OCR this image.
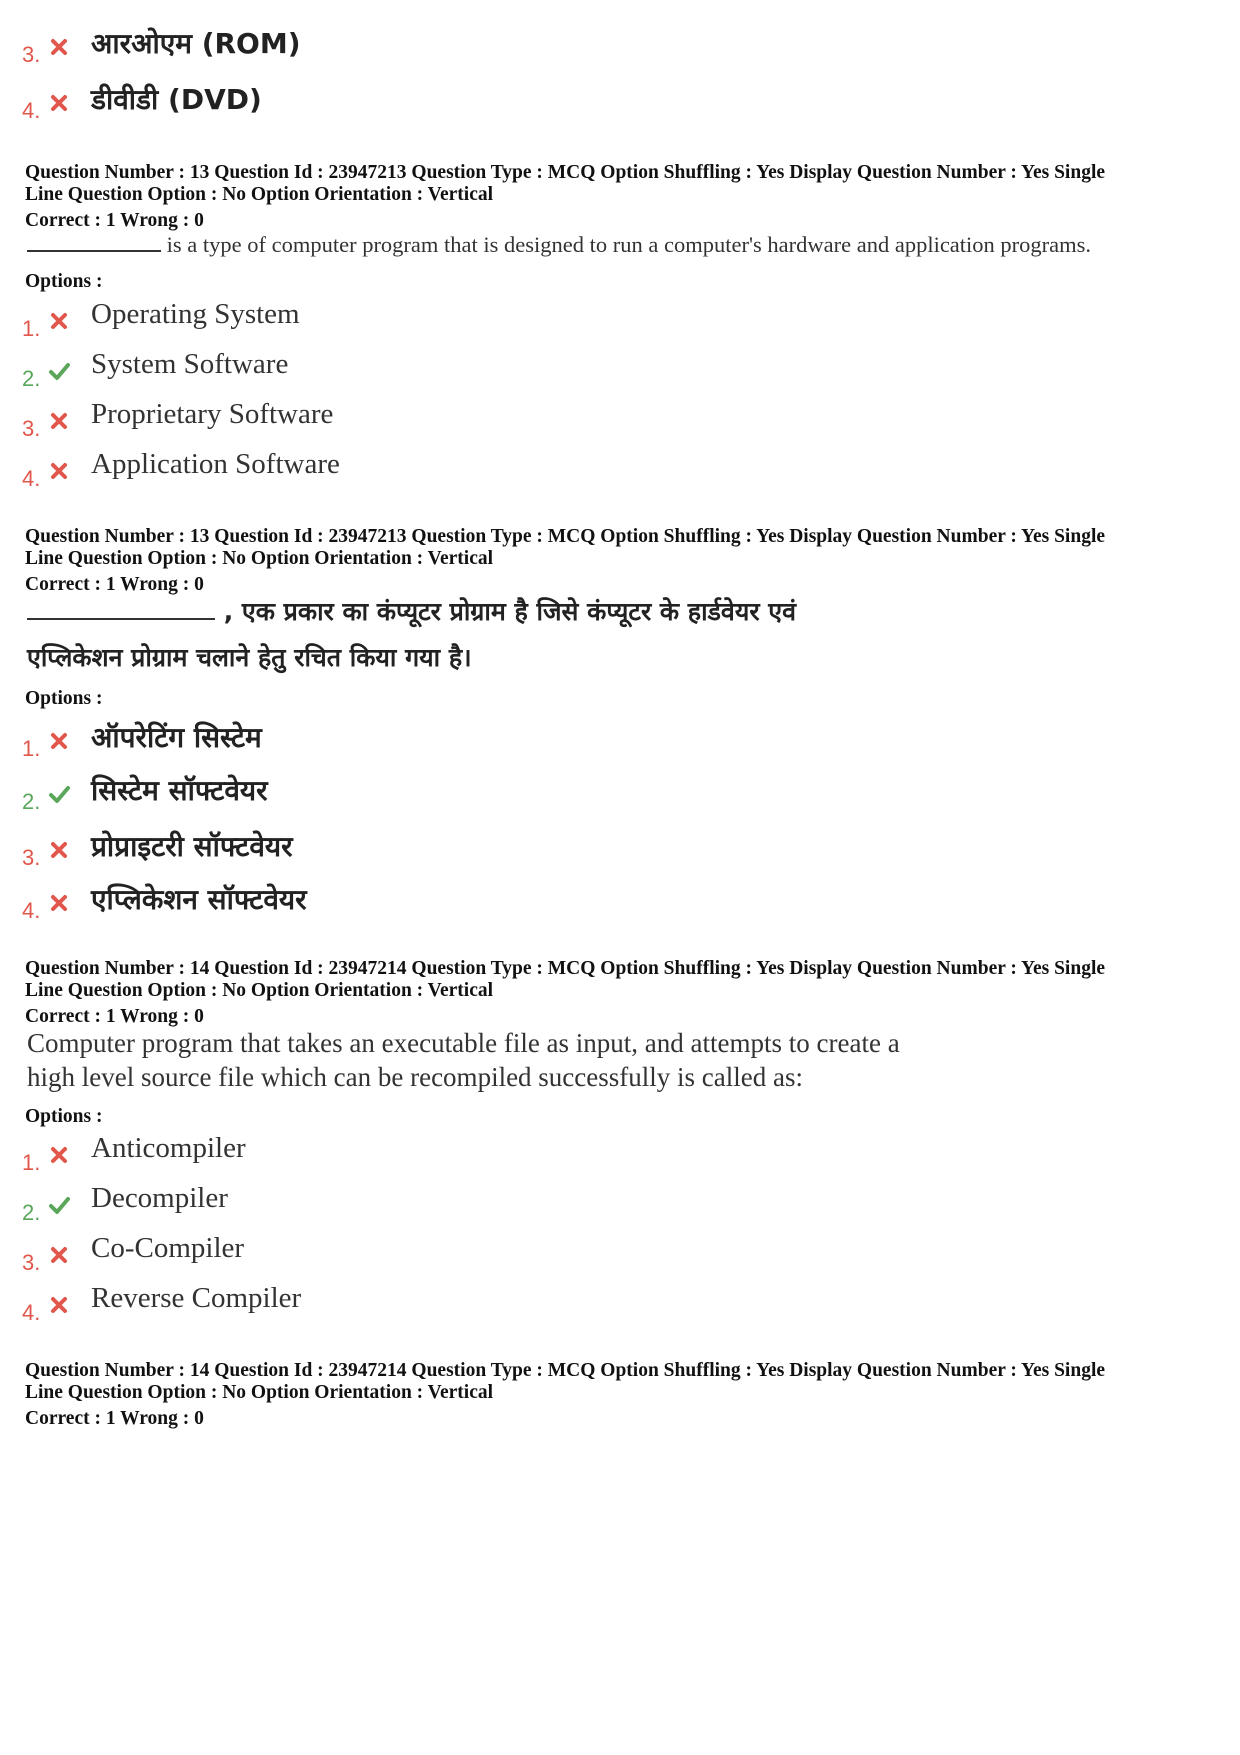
3. आरओएम (ROM)
4. डीवीडी (DVD)
Question Number : 13 Question Id : 23947213 Question Type : MCQ Option Shuffling : Yes Display Question Number : Yes Single
Line Question Option : No Option Orientation : Vertical
Correct : 1 Wrong : 0
is a type of computer program that is designed to run a computer's hardware and application programs.
Options :
1. Operating System
2. System Software
3. Proprietary Software
4. Application Software
Question Number : 13 Question Id : 23947213 Question Type : MCQ Option Shuffling : Yes Display Question Number : Yes Single
Line Question Option : No Option Orientation : Vertical
Correct : 1 Wrong : 0
, एक प्रकार का कंप्यूटर प्रोग्राम है जिसे कंप्यूटर के हार्डवेयर एवं
एप्लिकेशन प्रोग्राम चलाने हेतु रचित किया गया है।
Options :
1. ऑपरेटिंग सिस्टेम
2. सिस्टेम सॉफ्टवेयर
3. प्रोप्राइटरी सॉफ्टवेयर
4. एप्लिकेशन सॉफ्टवेयर
Question Number : 14 Question Id : 23947214 Question Type : MCQ Option Shuffling : Yes Display Question Number : Yes Single
Line Question Option : No Option Orientation : Vertical
Correct : 1 Wrong : 0
Computer program that takes an executable file as input, and attempts to create a
high level source file which can be recompiled successfully is called as:
Options :
1. Anticompiler
2. Decompiler
3. Co-Compiler
4. Reverse Compiler
Question Number : 14 Question Id : 23947214 Question Type : MCQ Option Shuffling : Yes Display Question Number : Yes Single
Line Question Option : No Option Orientation : Vertical
Correct : 1 Wrong : 0
